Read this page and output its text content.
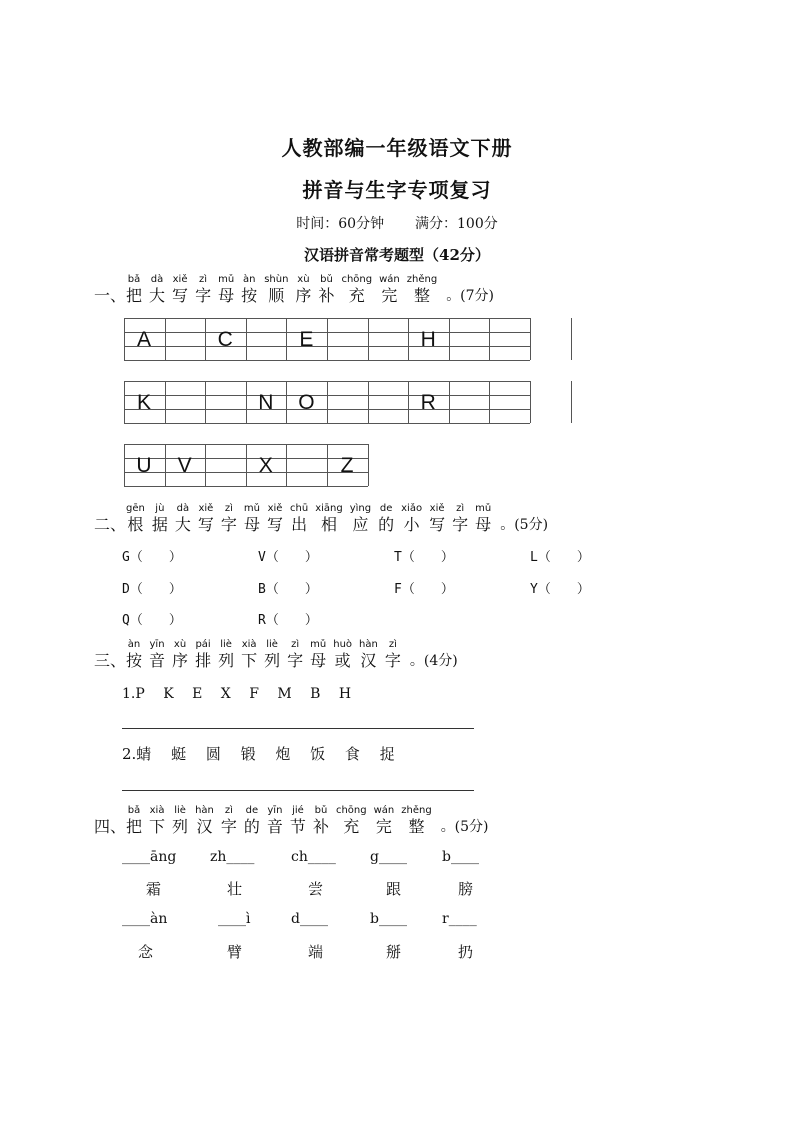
人教部编一年级语文下册
拼音与生字专项复习
时间：60分钟 满分：100分
汉语拼音常考题型（42分）
一、
bǎ
把
dà
大
xiě
写
zì
字
mǔ
母
àn
按
shùn
顺
xù
序
bǔ
补
chōng
充
wán
完
zhěng
整 。(7分)
A	C	E	H
K	N	O	R
U	V	X	Z
二、
gēn
根
jù
据
dà
大
xiě
写
zì
字
mǔ
母
xiě
写
chū
出
xiāng
相
yìng
应
de
的
xiǎo
小
xiě
写
zì
字
mǔ
母 。(5分)
G（　　）	V（　　）	T（　　）	L（　　）
D（　　）	B（　　）	F（　　）	Y（　　）
Q（　　）	R（　　）
三、
àn
按
yīn
音
xù
序
pái
排
liè
列
xià
下
liè
列
zì
字
mǔ
母
huò
或
hàn
汉
zì
字 。(4分)
1.P　 K　 E　 X　 F　 M　 B　 H
2.蜻　 蜓　 圆　 锻　 炮　 饭　 食　 捉
四、
bǎ
把
xià
下
liè
列
hàn
汉
zì
字
de
的
yīn
音
jié
节
bǔ
补
chōng
充
wán
完
zhěng
整 。(5分)
____āng zh____	ch____ g____	b____
霜	壮	尝	跟	膀
____àn	____ì	d____	b____	r____
念	臂	端	掰	扔
